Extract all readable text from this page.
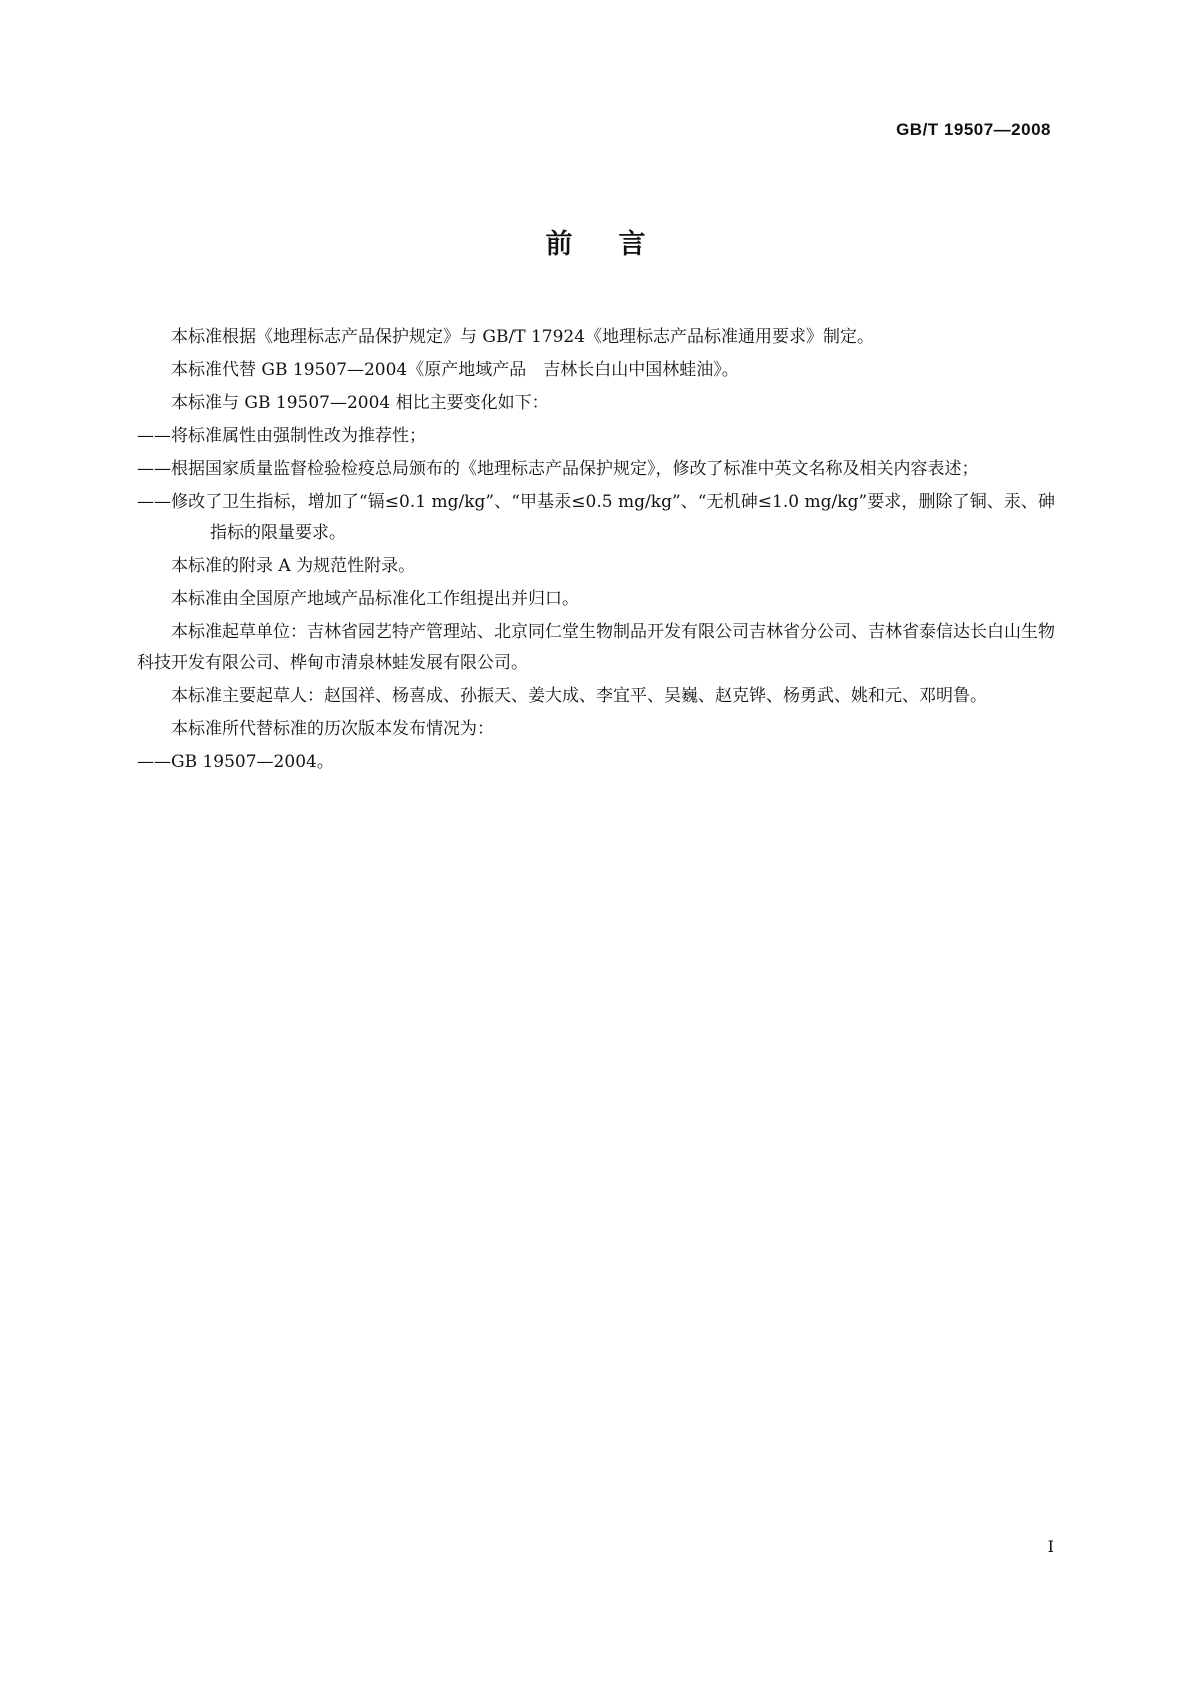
GB/T 19507—2008
前言
本标准根据《地理标志产品保护规定》与 GB/T 17924《地理标志产品标准通用要求》制定。
本标准代替 GB 19507—2004《原产地域产品　吉林长白山中国林蛙油》。
本标准与 GB 19507—2004 相比主要变化如下：
——将标准属性由强制性改为推荐性；
——根据国家质量监督检验检疫总局颁布的《地理标志产品保护规定》，修改了标准中英文名称及相关内容表述；
——修改了卫生指标，增加了“镉≤0.1 mg/kg”、“甲基汞≤0.5 mg/kg”、“无机砷≤1.0 mg/kg”要求，删除了铜、汞、砷指标的限量要求。
本标准的附录 A 为规范性附录。
本标准由全国原产地域产品标准化工作组提出并归口。
本标准起草单位：吉林省园艺特产管理站、北京同仁堂生物制品开发有限公司吉林省分公司、吉林省泰信达长白山生物科技开发有限公司、桦甸市清泉林蛙发展有限公司。
本标准主要起草人：赵国祥、杨喜成、孙振天、姜大成、李宜平、吴巍、赵克铧、杨勇武、姚和元、邓明鲁。
本标准所代替标准的历次版本发布情况为：
——GB 19507—2004。
I
